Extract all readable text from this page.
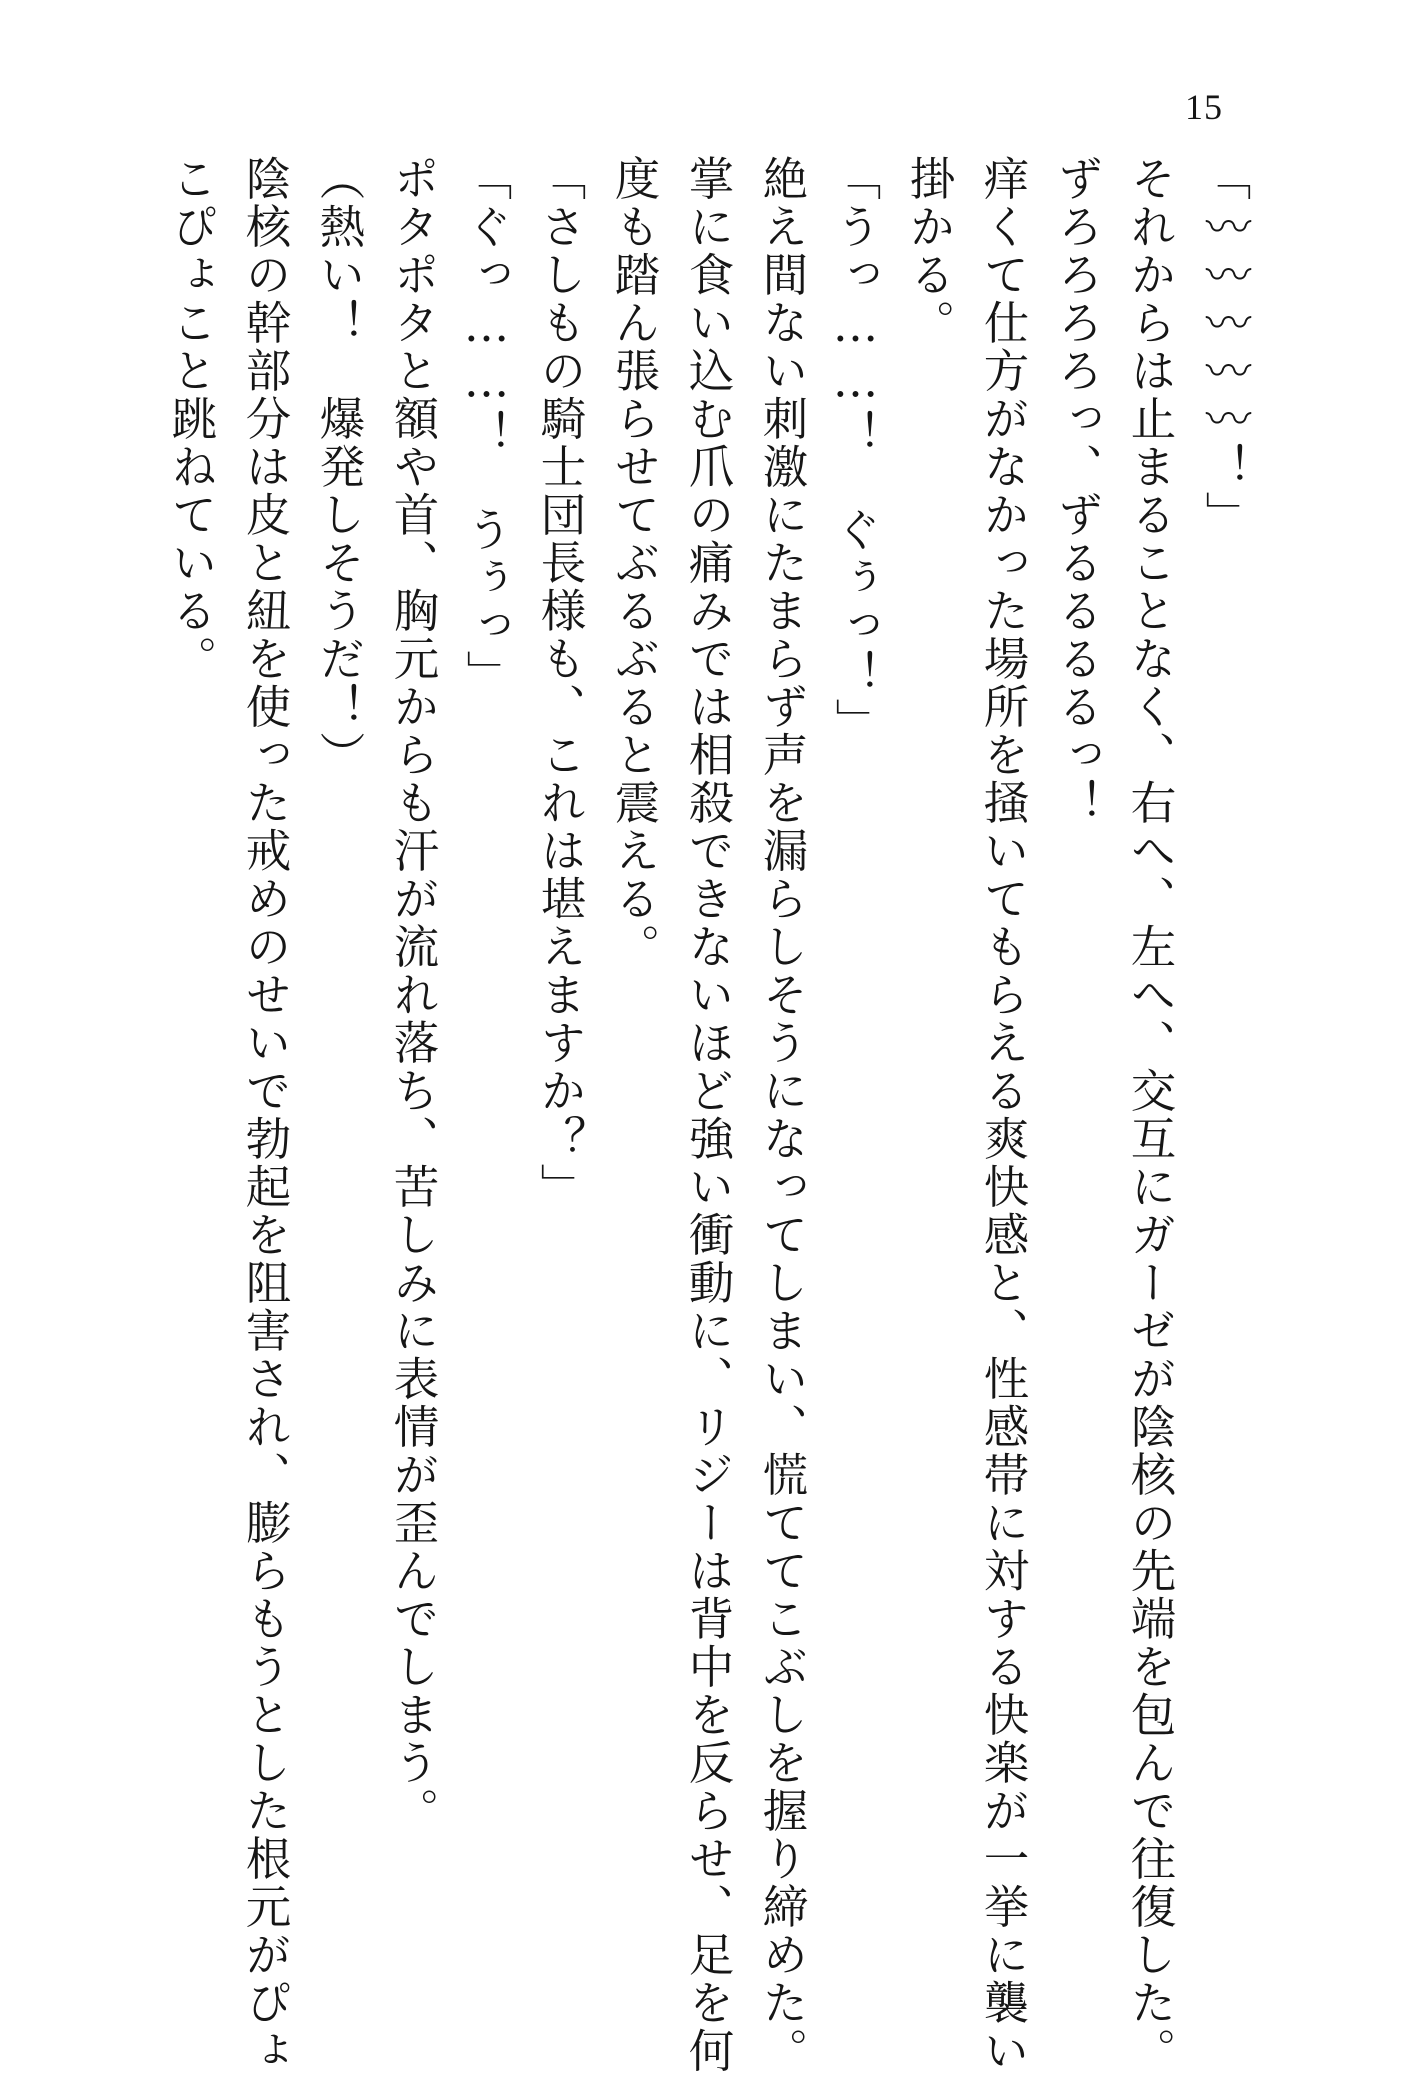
15
「〰〰〰〰〰！」
それからは止まることなく、右へ、左へ、交互にガーゼが陰核の先端を包んで往復した。
ずろろろろっ、ずるるるるっ！
痒くて仕方がなかった場所を掻いてもらえる爽快感と、性感帯に対する快楽が一挙に襲い
掛かる。
「うっ……！　ぐぅっ！」
絶え間ない刺激にたまらず声を漏らしそうになってしまい、慌ててこぶしを握り締めた。
掌に食い込む爪の痛みでは相殺できないほど強い衝動に、リジーは背中を反らせ、足を何
度も踏ん張らせてぶるぶると震える。
「さしもの騎士団長様も、これは堪えますか？」
「ぐっ……！　うぅっ」
ポタポタと額や首、胸元からも汗が流れ落ち、苦しみに表情が歪んでしまう。
（熱い！　爆発しそうだ！）
陰核の幹部分は皮と紐を使った戒めのせいで勃起を阻害され、膨らもうとした根元がぴょ
こぴょこと跳ねている。
